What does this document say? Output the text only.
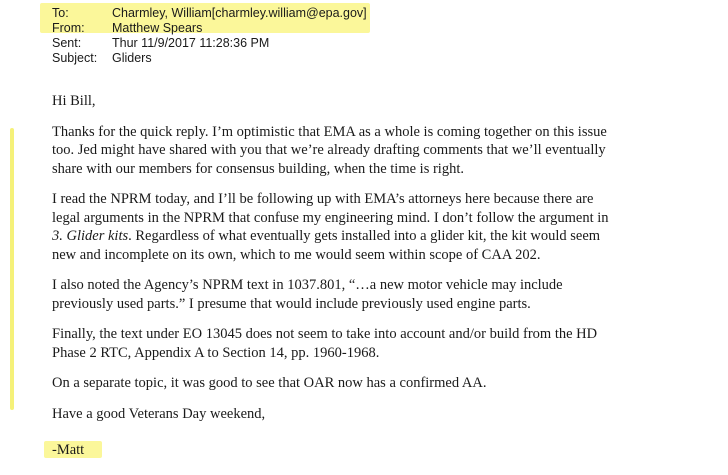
To:	Charmley, William[charmley.william@epa.gov]
From:	Matthew Spears
Sent:	Thur 11/9/2017 11:28:36 PM
Subject:	Gliders

Hi Bill,

Thanks for the quick reply. I’m optimistic that EMA as a whole is coming together on this issue
too. Jed might have shared with you that we’re already drafting comments that we’ll eventually
share with our members for consensus building, when the time is right.

I read the NPRM today, and I’ll be following up with EMA’s attorneys here because there are
legal arguments in the NPRM that confuse my engineering mind. I don’t follow the argument in
3. Glider kits. Regardless of what eventually gets installed into a glider kit, the kit would seem
new and incomplete on its own, which to me would seem within scope of CAA 202.

I also noted the Agency’s NPRM text in 1037.801, “…a new motor vehicle may include
previously used parts.” I presume that would include previously used engine parts.

Finally, the text under EO 13045 does not seem to take into account and/or build from the HD
Phase 2 RTC, Appendix A to Section 14, pp. 1960-1968.

On a separate topic, it was good to see that OAR now has a confirmed AA.

Have a good Veterans Day weekend,

-Matt
